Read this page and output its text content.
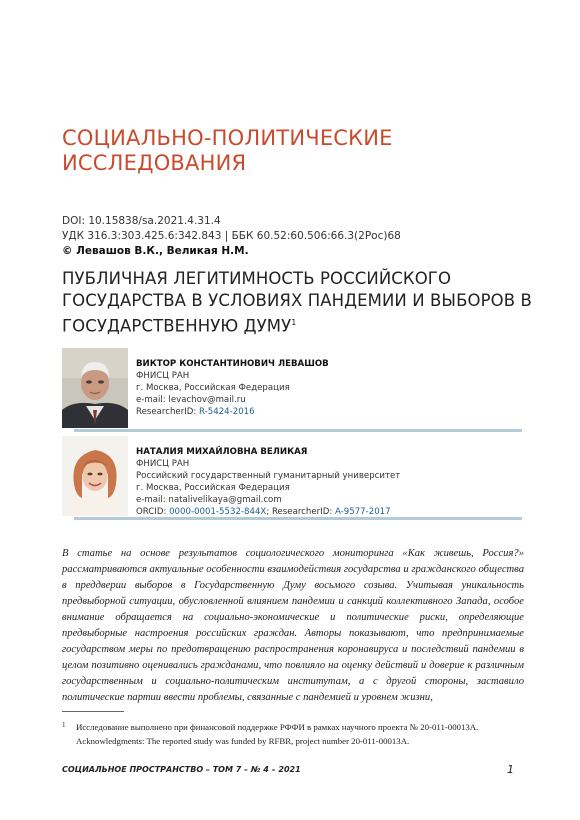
СОЦИАЛЬНО-ПОЛИТИЧЕСКИЕ ИССЛЕДОВАНИЯ
DOI: 10.15838/sa.2021.4.31.4
УДК 316.3:303.425.6:342.843 | ББК 60.52:60.506:66.3(2Рос)68
© Левашов В.К., Великая Н.М.
ПУБЛИЧНАЯ ЛЕГИТИМНОСТЬ РОССИЙСКОГО ГОСУДАРСТВА В УСЛОВИЯХ ПАНДЕМИИ И ВЫБОРОВ В ГОСУДАРСТВЕННУЮ ДУМУ$^1$
ВИКТОР КОНСТАНТИНОВИЧ ЛЕВАШОВ
ФНИСЦ РАН
г. Москва, Российская Федерация
e-mail: levachov@mail.ru
ResearcherID: R-5424-2016
НАТАЛИЯ МИХАЙЛОВНА ВЕЛИКАЯ
ФНИСЦ РАН
Российский государственный гуманитарный университет
г. Москва, Российская Федерация
e-mail: natalivelikaya@gmail.com
ORCID: 0000-0001-5532-844X; ResearcherID: A-9577-2017
В статье на основе результатов социологического мониторинга «Как живешь, Россия?» рассматриваются актуальные особенности взаимодействия государства и гражданского общества в преддверии выборов в Государственную Думу восьмого созыва. Учитывая уникальность предвыборной ситуации, обусловленной влиянием пандемии и санкций коллективного Запада, особое внимание обращается на социально-экономические и политические риски, определяющие предвыборные настроения российских граждан. Авторы показывают, что предпринимаемые государством меры по предотвращению распространения коронавируса и последствий пандемии в целом позитивно оценивались гражданами, что повлияло на оценку действий и доверие к различным государственным и социально-политическим институтам, а с другой стороны, заставило политические партии ввести проблемы, связанные с пандемией и уровнем жизни,
1 Исследование выполнено при финансовой поддержке РФФИ в рамках научного проекта № 20-011-00013А.
Acknowledgments: The reported study was funded by RFBR, project number 20-011-00013A.
СОЦИАЛЬНОЕ ПРОСТРАНСТВО – ТОМ 7 – № 4 – 2021	1
